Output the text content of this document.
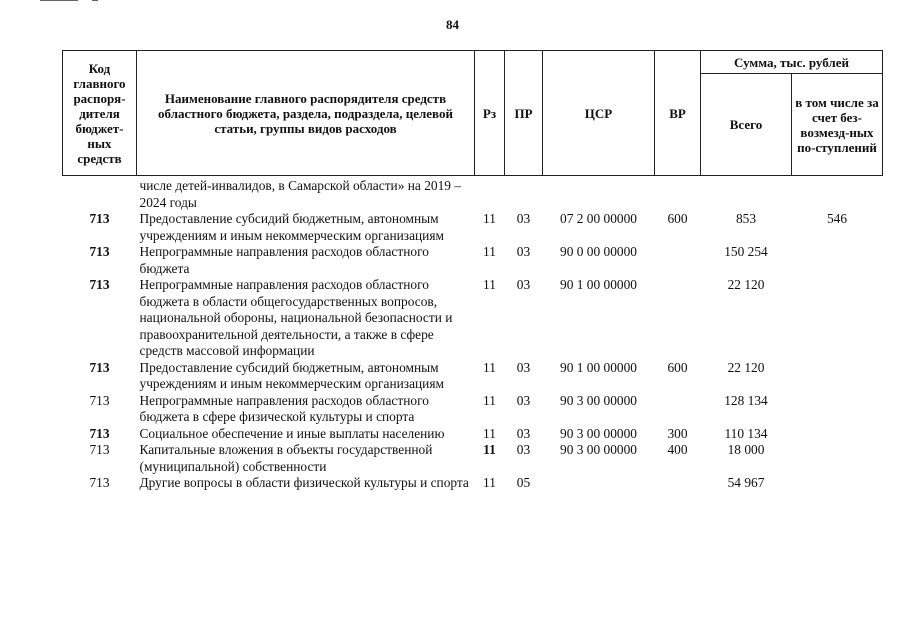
84
Код главного распоря-дителя бюджет-ных средств	Наименование главного распорядителя средств областного бюджета, раздела, подраздела, целевой статьи, группы видов расходов	Рз	ПР	ЦСР	ВР	Сумма, тыс. рублей	
						Всего	в том числе за счет без-возмезд-ных по-ступлений
	числе детей-инвалидов, в Самарской области» на 2019 – 2024 годы						
713	Предоставление субсидий бюджетным, автономным учреждениям и иным некоммерческим организациям	11	03	07 2 00 00000	600	853	546
713	Непрограммные направления расходов областного бюджета	11	03	90 0 00 00000		150 254	
713	Непрограммные направления расходов областного бюджета в области общегосударственных вопросов, национальной обороны, национальной безопасности и правоохранительной деятельности, а также в сфере средств массовой информации	11	03	90 1 00 00000		22 120	
713	Предоставление субсидий бюджетным, автономным учреждениям и иным некоммерческим организациям	11	03	90 1 00 00000	600	22 120	
713	Непрограммные направления расходов областного бюджета в сфере физической культуры и спорта	11	03	90 3 00 00000		128 134	
713	Социальное обеспечение и иные выплаты населению	11	03	90 3 00 00000	300	110 134	
713	Капитальные вложения в объекты государственной (муниципальной) собственности	11	03	90 3 00 00000	400	18 000	
713	Другие вопросы в области физической культуры и спорта	11	05			54 967	
